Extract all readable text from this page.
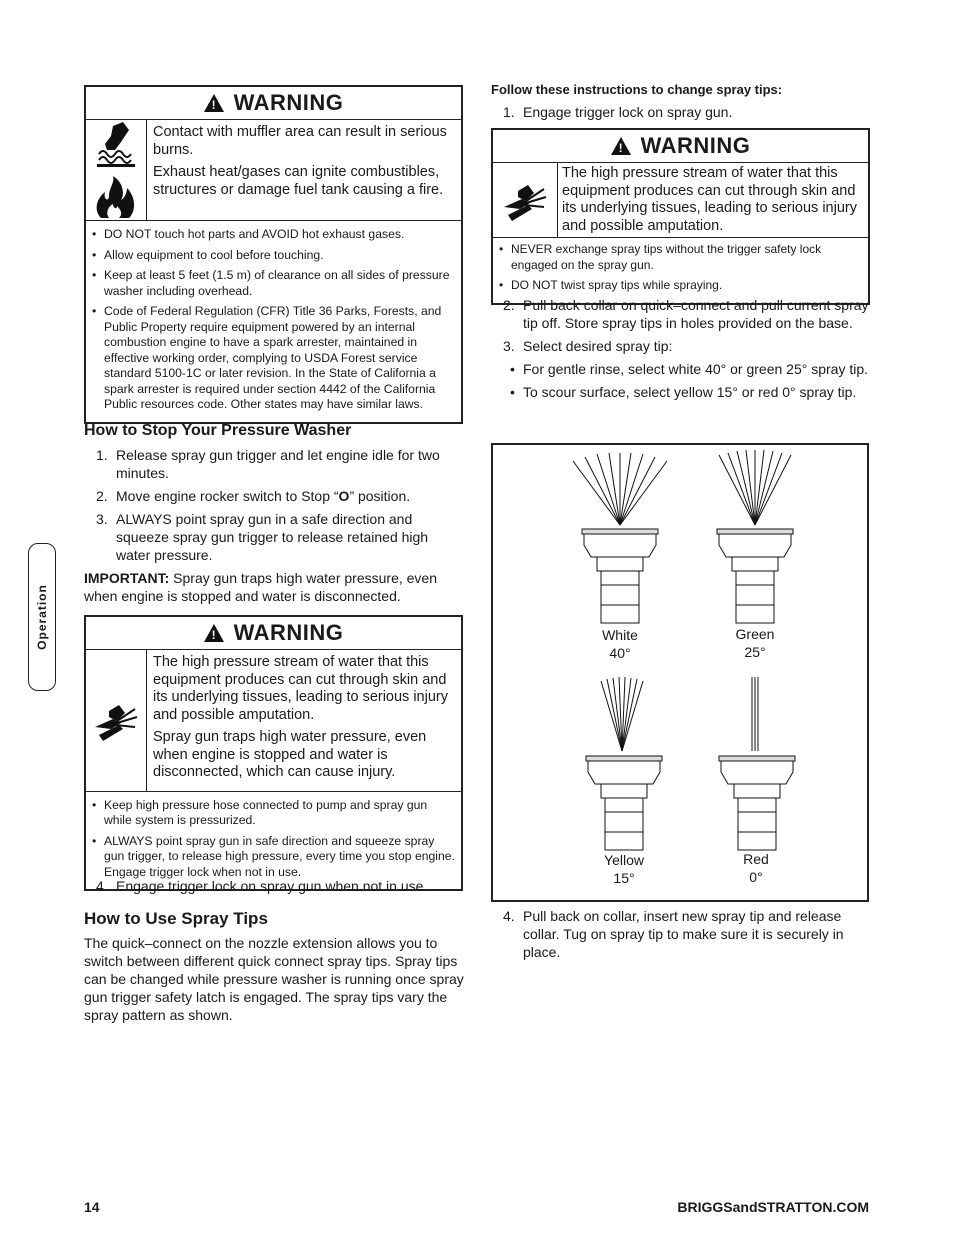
! WARNING

Contact with muffler area can result in serious burns.

Exhaust heat/gases can ignite combustibles, structures or damage fuel tank causing a fire.

• DO NOT touch hot parts and AVOID hot exhaust gases.
• Allow equipment to cool before touching.
• Keep at least 5 feet (1.5 m) of clearance on all sides of pressure washer including overhead.
• Code of Federal Regulation (CFR) Title 36 Parks, Forests, and Public Property require equipment powered by an internal combustion engine to have a spark arrester, maintained in effective working order, complying to USDA Forest service standard 5100-1C or later revision. In the State of California a spark arrester is required under section 4442 of the California Public resources code. Other states may have similar laws.
How to Stop Your Pressure Washer
1. Release spray gun trigger and let engine idle for two minutes.
2. Move engine rocker switch to Stop “O” position.
3. ALWAYS point spray gun in a safe direction and squeeze spray gun trigger to release retained high water pressure.
IMPORTANT: Spray gun traps high water pressure, even when engine is stopped and water is disconnected.
! WARNING

The high pressure stream of water that this equipment produces can cut through skin and its underlying tissues, leading to serious injury and possible amputation.

Spray gun traps high water pressure, even when engine is stopped and water is disconnected, which can cause injury.

• Keep high pressure hose connected to pump and spray gun while system is pressurized.
• ALWAYS point spray gun in safe direction and squeeze spray gun trigger, to release high pressure, every time you stop engine. Engage trigger lock when not in use.
4. Engage trigger lock on spray gun when not in use.
How to Use Spray Tips
The quick–connect on the nozzle extension allows you to switch between different quick connect spray tips. Spray tips can be changed while pressure washer is running once spray gun trigger safety latch is engaged. The spray tips vary the spray pattern as shown.
Follow these instructions to change spray tips:
1. Engage trigger lock on spray gun.
! WARNING

The high pressure stream of water that this equipment produces can cut through skin and its underlying tissues, leading to serious injury and possible amputation.

• NEVER exchange spray tips without the trigger safety lock engaged on the spray gun.
• DO NOT twist spray tips while spraying.
2. Pull back collar on quick–connect and pull current spray tip off. Store spray tips in holes provided on the base.
3. Select desired spray tip:
• For gentle rinse, select white 40° or green 25° spray tip.
• To scour surface, select yellow 15° or red 0° spray tip.
White
40°
Green
25°
Yellow
15°
Red
0°
4. Pull back on collar, insert new spray tip and release collar. Tug on spray tip to make sure it is securely in place.
Operation
14	BRIGGSandSTRATTON.COM
